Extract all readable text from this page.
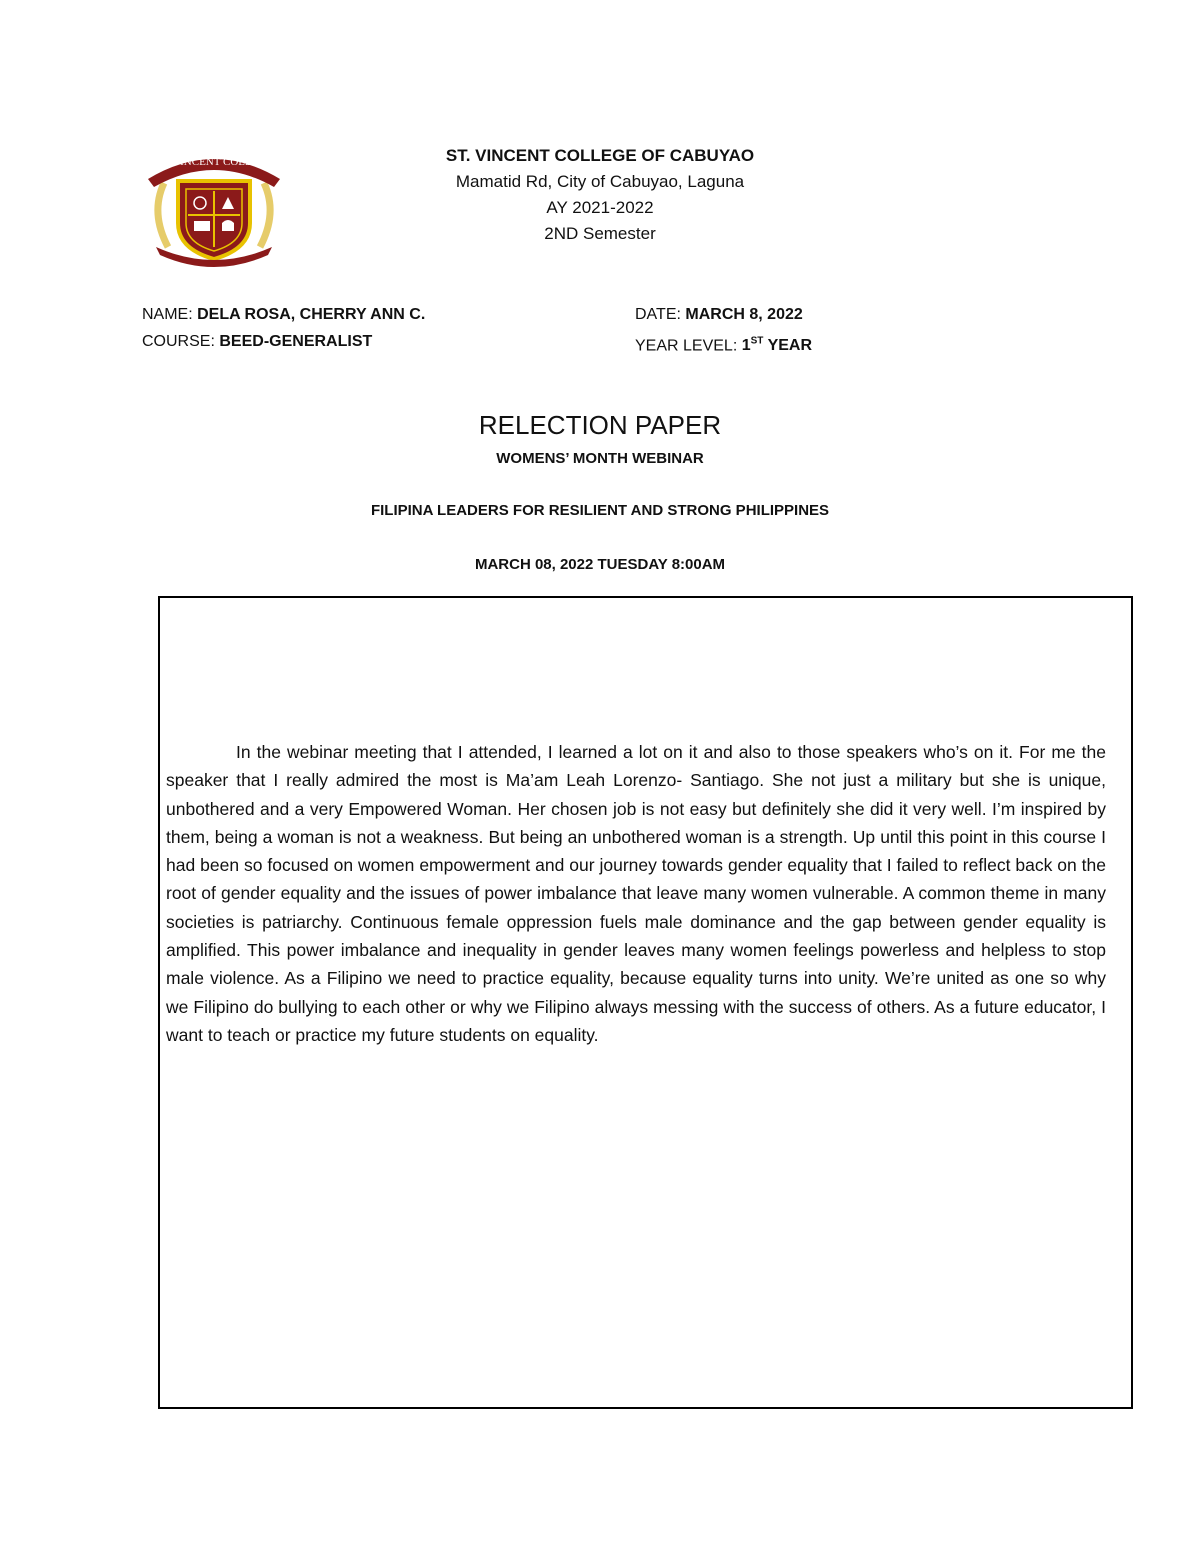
ST. VINCENT COLLEGE
CABUYAO
ST. VINCENT COLLEGE OF CABUYAO
Mamatid Rd, City of Cabuyao, Laguna
AY 2021-2022
2ND Semester
NAME: DELA ROSA, CHERRY ANN C.
COURSE: BEED-GENERALIST
DATE: MARCH 8, 2022
YEAR LEVEL: 1ST YEAR
RELECTION PAPER
WOMENS’ MONTH WEBINAR
FILIPINA LEADERS FOR RESILIENT AND STRONG PHILIPPINES
MARCH 08, 2022 TUESDAY 8:00AM
In the webinar meeting that I attended, I learned a lot on it and also to those speakers who’s on it. For me the speaker that I really admired the most is Ma’am Leah Lorenzo- Santiago. She not just a military but she is unique, unbothered and a very Empowered Woman. Her chosen job is not easy but definitely she did it very well. I’m inspired by them, being a woman is not a weakness. But being an unbothered woman is a strength. Up until this point in this course I had been so focused on women empowerment and our journey towards gender equality that I failed to reflect back on the root of gender equality and the issues of power imbalance that leave many women vulnerable. A common theme in many societies is patriarchy. Continuous female oppression fuels male dominance and the gap between gender equality is amplified. This power imbalance and inequality in gender leaves many women feelings powerless and helpless to stop male violence. As a Filipino we need to practice equality, because equality turns into unity. We’re united as one so why we Filipino do bullying to each other or why we Filipino always messing with the success of others. As a future educator, I want to teach or practice my future students on equality.
